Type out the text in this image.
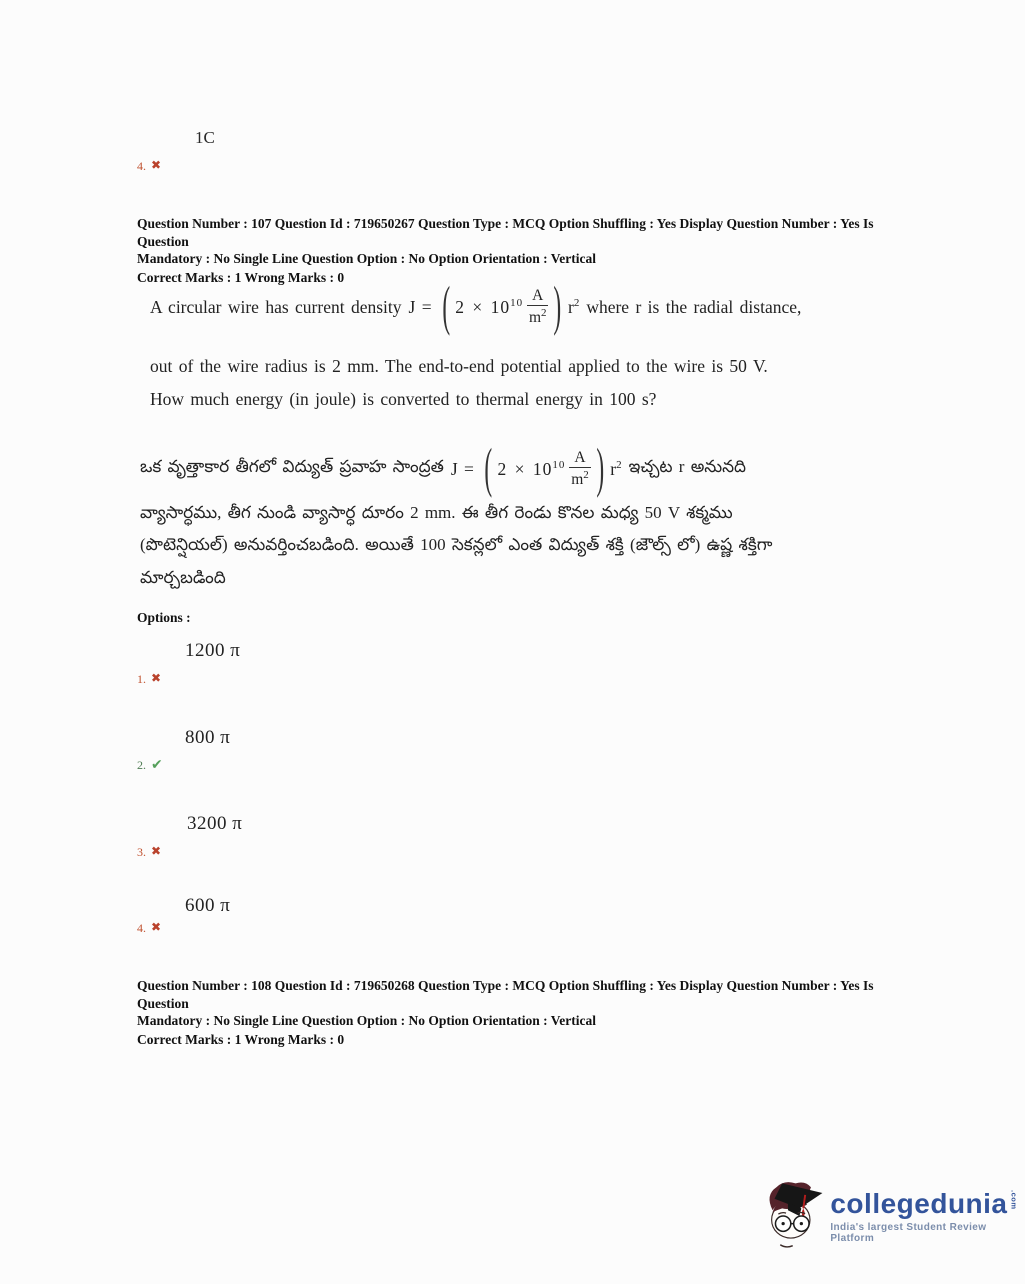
1C
4. ✖
Question Number : 107 Question Id : 719650267 Question Type : MCQ Option Shuffling : Yes Display Question Number : Yes Is Question
Mandatory : No Single Line Question Option : No Option Orientation : Vertical
Correct Marks : 1 Wrong Marks : 0
A circular wire has current density J = ( $2 \times 10^{10} \frac{A}{m^2}$ ) $r^2$ where r is the radial distance,
out of the wire radius is 2 mm. The end-to-end potential applied to the wire is 50 V.
How much energy (in joule) is converted to thermal energy in 100 s?
ఒక వృత్తాకార తీగలో విద్యుత్ ప్రవాహ సాంద్రత J = ( $2 \times 10^{10} \frac{A}{m^2}$ ) $r^2$ ఇచ్చట r అనునది
వ్యాసార్ధము, తీగ నుండి వ్యాసార్ధ దూరం 2 mm. ఈ తీగ రెండు కొనల మధ్య 50 V శక్మము
(పొటెన్షియల్) అనువర్తించబడింది. అయితే 100 సెకన్లలో ఎంత విద్యుత్ శక్తి (జౌల్స్ లో) ఉష్ణ శక్తిగా
మార్చబడింది
Options :
1200 π
1. ✖
800 π
2. ✔
3200 π
3. ✖
600 π
4. ✖
Question Number : 108 Question Id : 719650268 Question Type : MCQ Option Shuffling : Yes Display Question Number : Yes Is Question
Mandatory : No Single Line Question Option : No Option Orientation : Vertical
Correct Marks : 1 Wrong Marks : 0
collegedunia .com
India's largest Student Review Platform
